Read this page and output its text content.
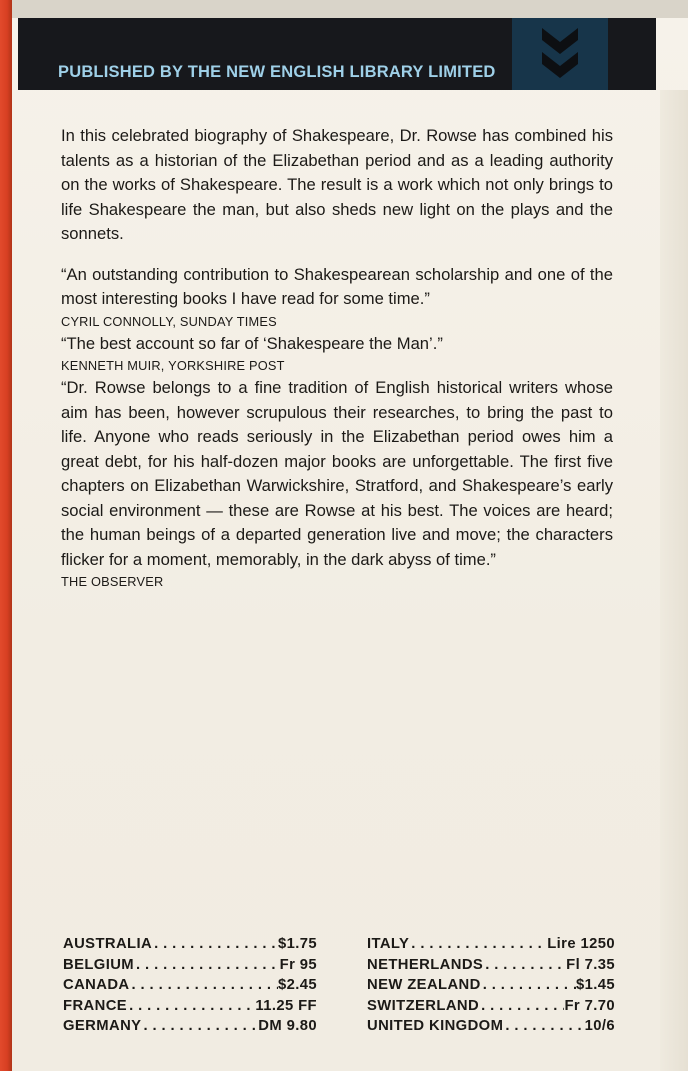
PUBLISHED BY THE NEW ENGLISH LIBRARY LIMITED

In this celebrated biography of Shakespeare, Dr. Rowse has combined his talents as a historian of the Elizabethan period and as a leading authority on the works of Shakespeare. The result is a work which not only brings to life Shakespeare the man, but also sheds new light on the plays and the sonnets.

“An outstanding contribution to Shakespearean scholarship and one of the most interesting books I have read for some time.”

CYRIL CONNOLLY, SUNDAY TIMES

“The best account so far of ‘Shakespeare the Man’.”

KENNETH MUIR, YORKSHIRE POST

“Dr. Rowse belongs to a fine tradition of English historical writers whose aim has been, however scrupulous their researches, to bring the past to life. Anyone who reads seriously in the Elizabethan period owes him a great debt, for his half-dozen major books are unforgettable. The first five chapters on Elizabethan Warwickshire, Stratford, and Shakespeare’s early social environment — these are Rowse at his best. The voices are heard; the human beings of a departed generation live and move; the characters flicker for a moment, memorably, in the dark abyss of time.”

THE OBSERVER

AUSTRALIA . . .	$1.75
BELGIUM . . .	Fr 95
CANADA . . .	$2.45
FRANCE . . .	11.25 FF
GERMANY . . .	DM 9.80
ITALY . . .	Lire 1250
NETHERLANDS . . .	Fl 7.35
NEW ZEALAND . . .	$1.45
SWITZERLAND . . .	Fr 7.70
UNITED KINGDOM . . .	10/6
